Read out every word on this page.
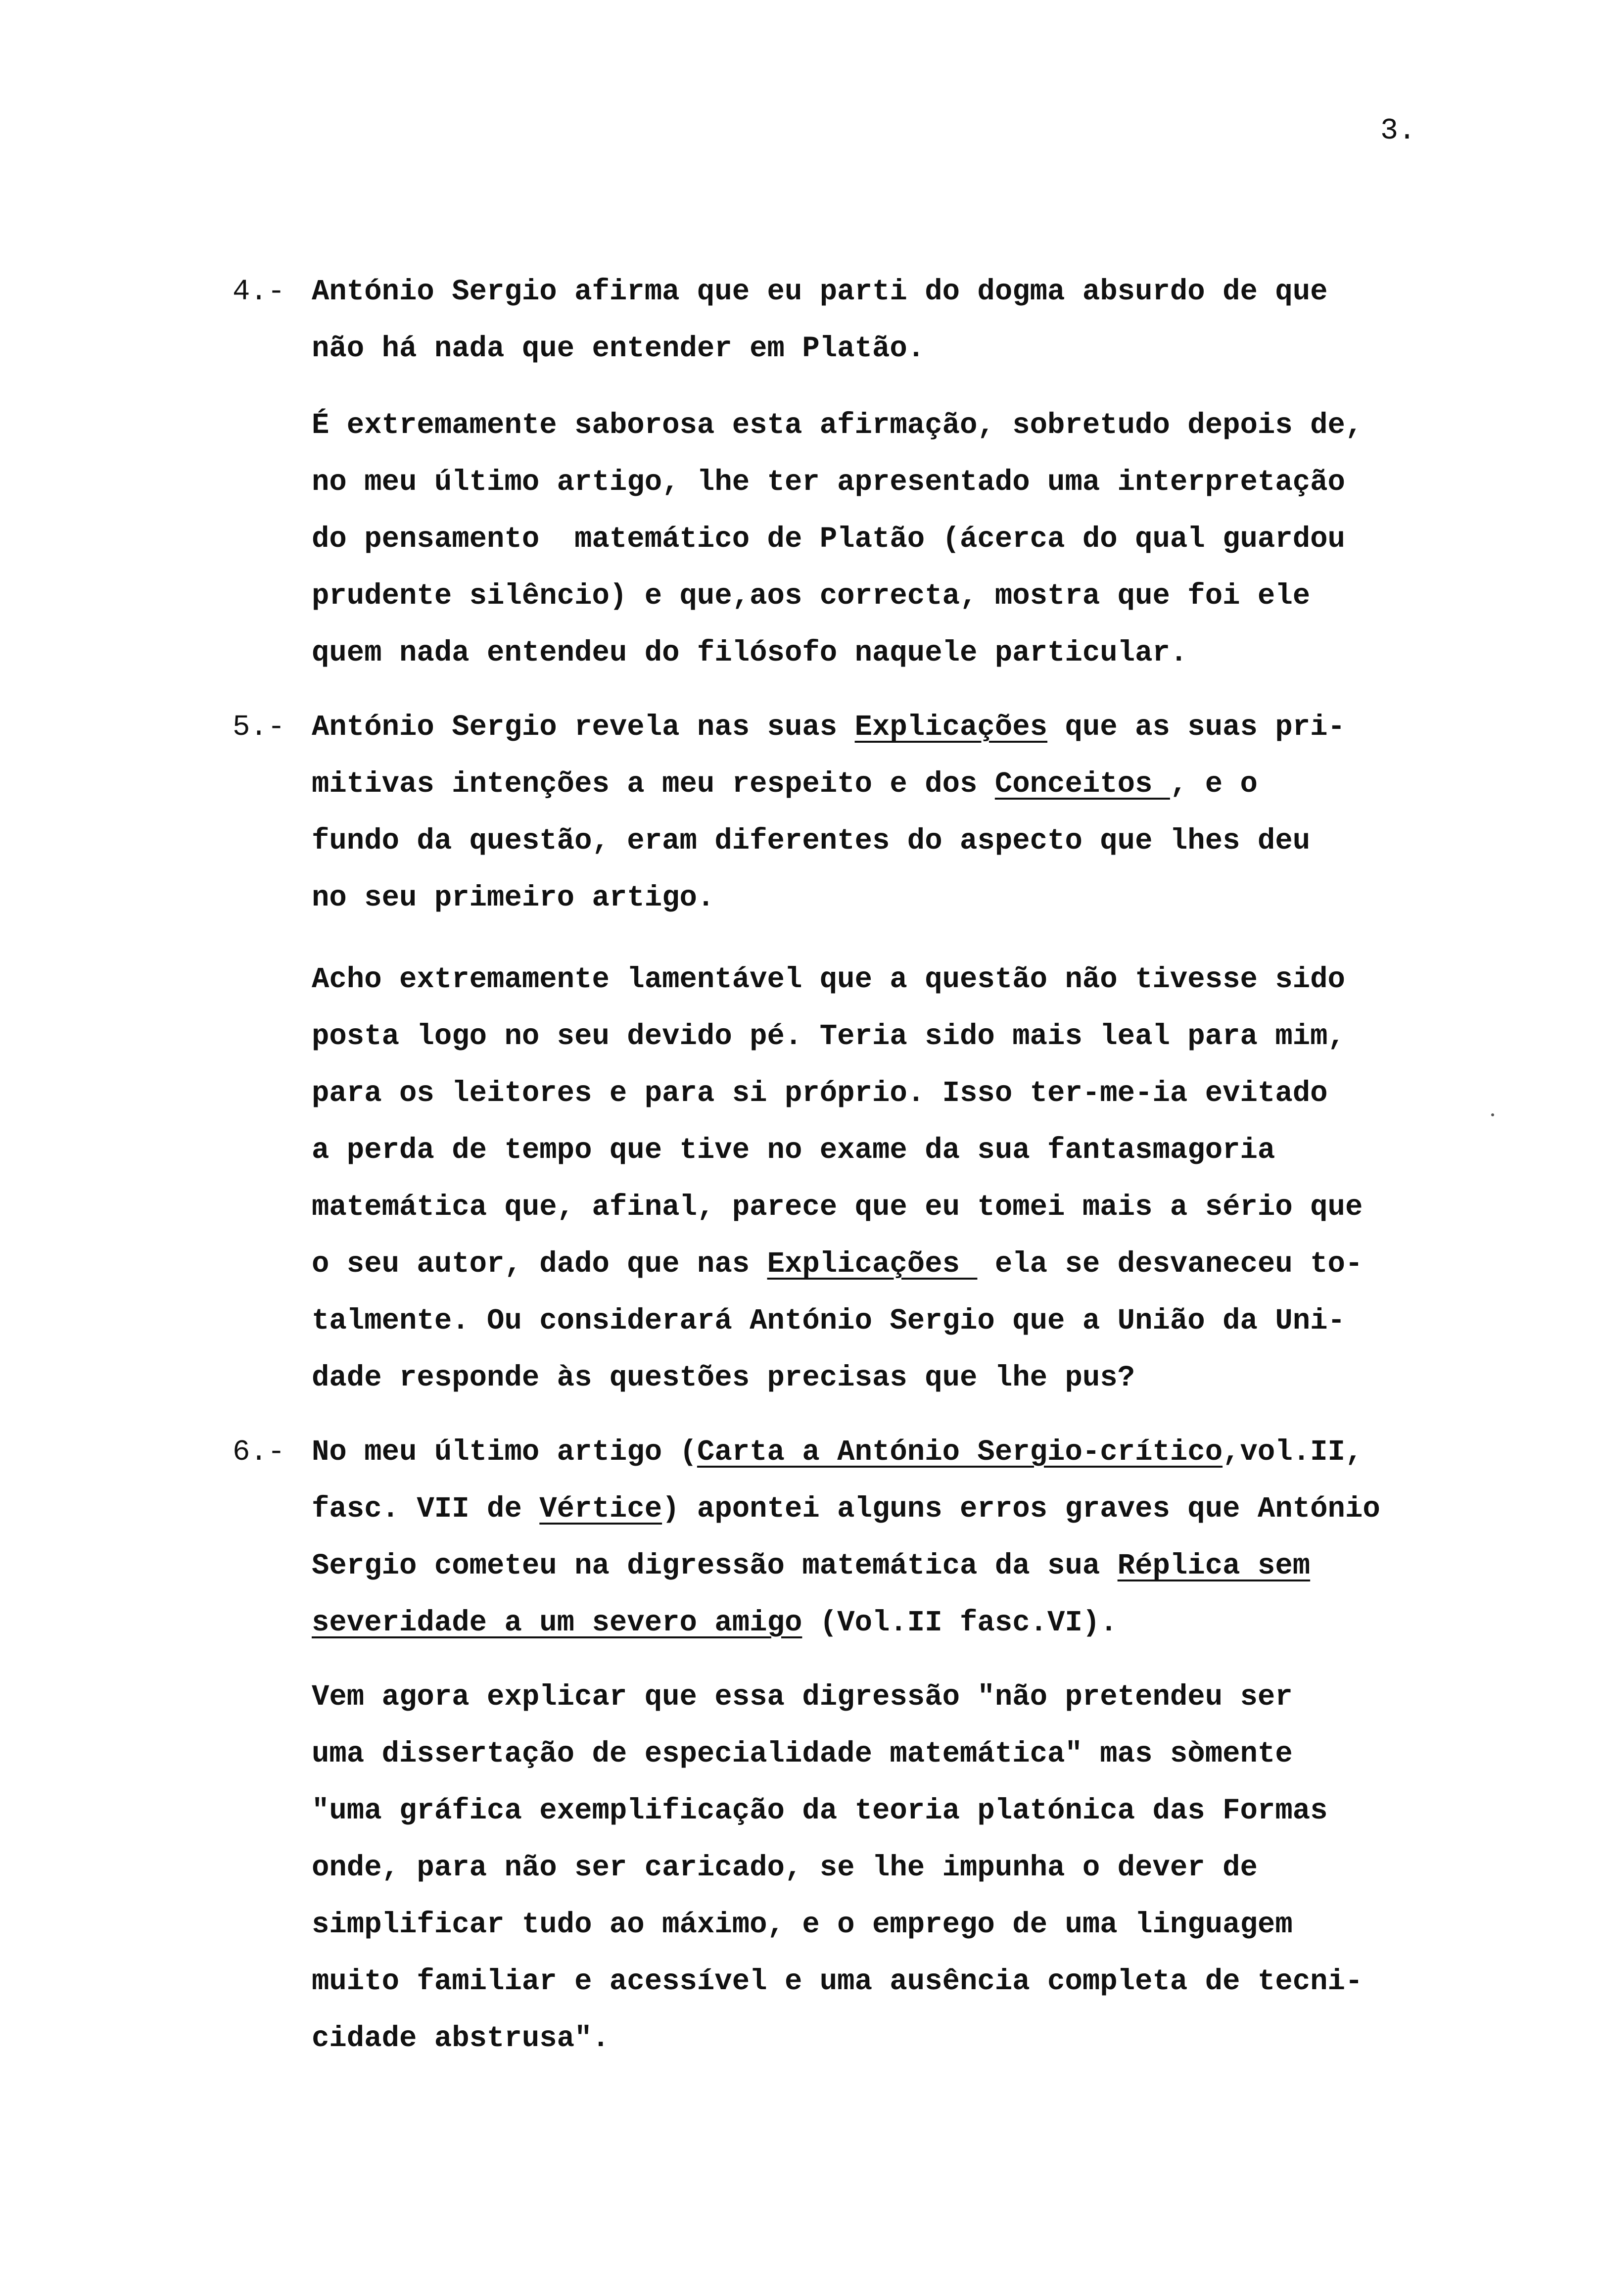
3.
4.- António Sergio afirma que eu parti do dogma absurdo de que
não há nada que entender em Platão.
É extremamente saborosa esta afirmação, sobretudo depois de,
no meu último artigo, lhe ter apresentado uma interpretação
do pensamento  matemático de Platão (ácerca do qual guardou
prudente silêncio) e que,aos correcta, mostra que foi ele
quem nada entendeu do filósofo naquele particular.
5.- António Sergio revela nas suas Explicações que as suas pri-
mitivas intenções a meu respeito e dos Conceitos , e o
fundo da questão, eram diferentes do aspecto que lhes deu
no seu primeiro artigo.
Acho extremamente lamentável que a questão não tivesse sido
posta logo no seu devido pé. Teria sido mais leal para mim,
para os leitores e para si próprio. Isso ter-me-ia evitado
a perda de tempo que tive no exame da sua fantasmagoria
matemática que, afinal, parece que eu tomei mais a sério que
o seu autor, dado que nas Explicações  ela se desvaneceu to-
talmente. Ou considerará António Sergio que a União da Uni-
dade responde às questões precisas que lhe pus?
6.- No meu último artigo (Carta a António Sergio-crítico,vol.II,
fasc. VII de Vértice) apontei alguns erros graves que António
Sergio cometeu na digressão matemática da sua Réplica sem
severidade a um severo amigo (Vol.II fasc.VI).
Vem agora explicar que essa digressão "não pretendeu ser
uma dissertação de especialidade matemática" mas sòmente
"uma gráfica exemplificação da teoria platónica das Formas
onde, para não ser caricado, se lhe impunha o dever de
simplificar tudo ao máximo, e o emprego de uma linguagem
muito familiar e acessível e uma ausência completa de tecni-
cidade abstrusa".
